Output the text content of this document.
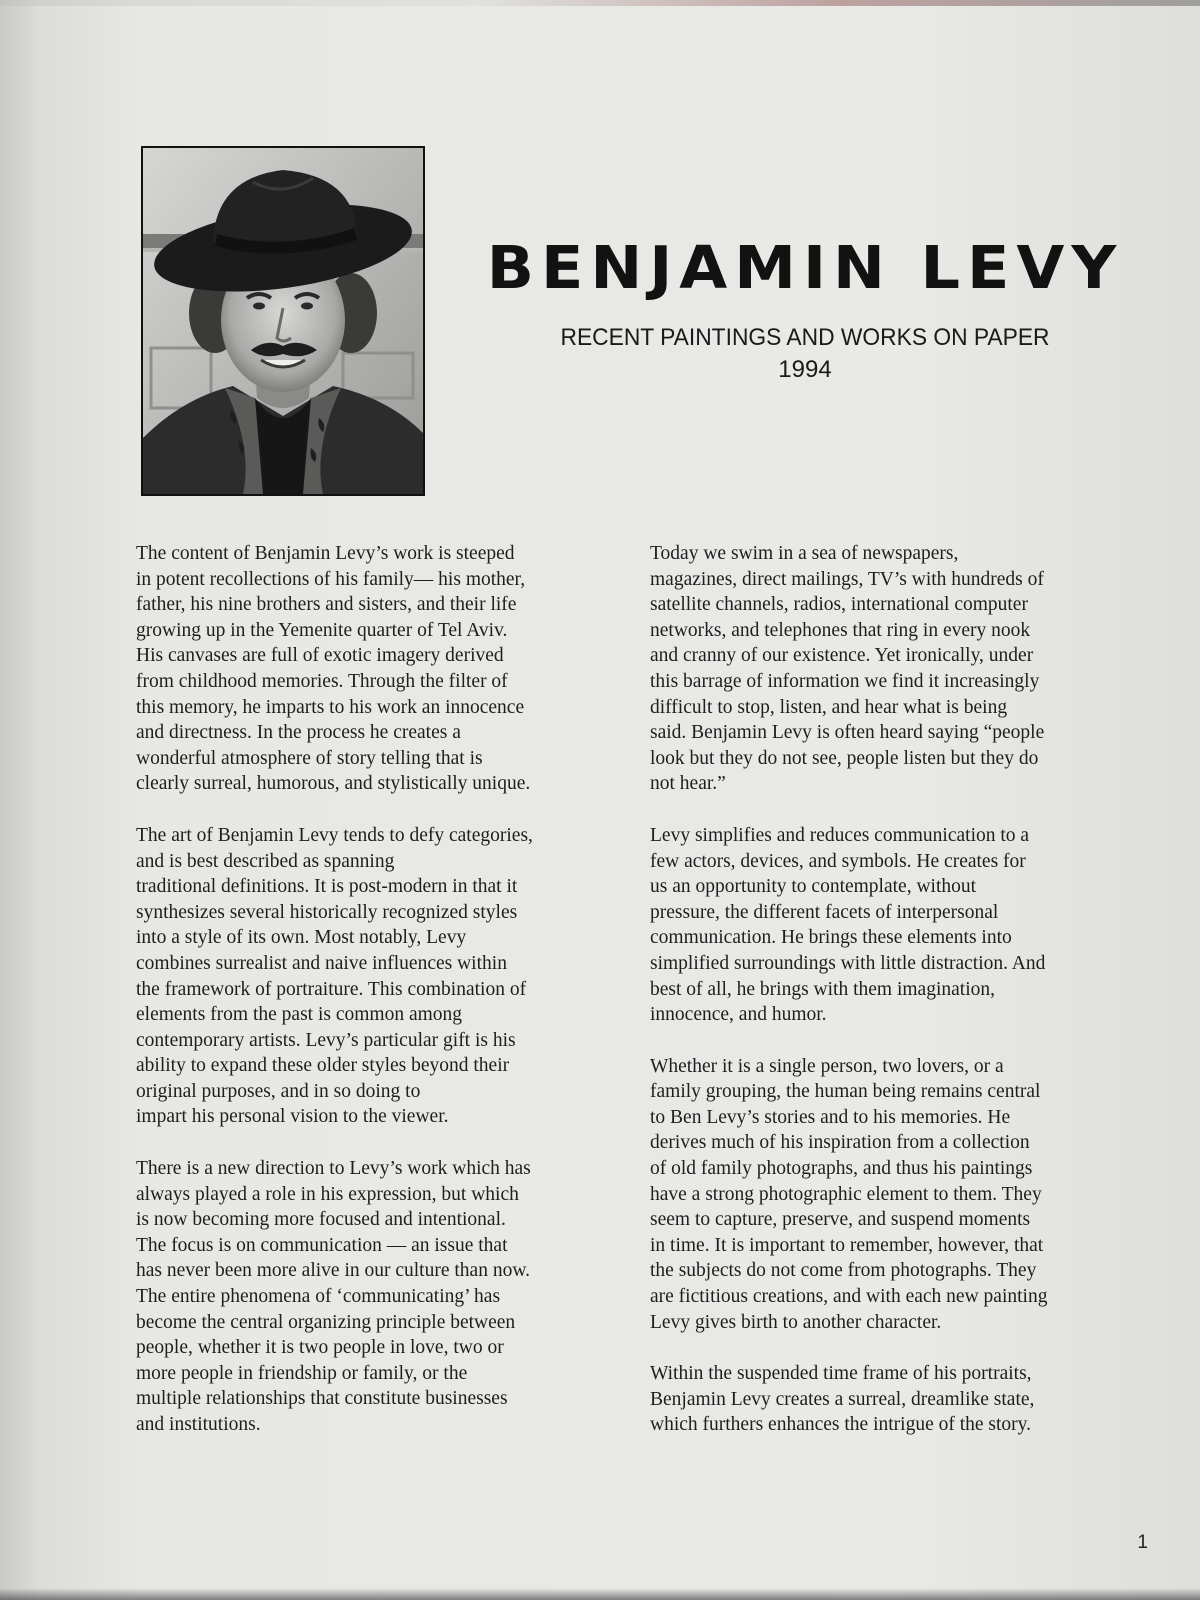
BENJAMIN LEVY
RECENT PAINTINGS AND WORKS ON PAPER
1994

The content of Benjamin Levy’s work is steeped
in potent recollections of his family— his mother,
father, his nine brothers and sisters, and their life
growing up in the Yemenite quarter of Tel Aviv.
His canvases are full of exotic imagery derived
from childhood memories. Through the filter of
this memory, he imparts to his work an innocence
and directness. In the process he creates a
wonderful atmosphere of story telling that is
clearly surreal, humorous, and stylistically unique.

The art of Benjamin Levy tends to defy categories,
and is best described as spanning
traditional definitions. It is post-modern in that it
synthesizes several historically recognized styles
into a style of its own. Most notably, Levy
combines surrealist and naive influences within
the framework of portraiture. This combination of
elements from the past is common among
contemporary artists. Levy’s particular gift is his
ability to expand these older styles beyond their
original purposes, and in so doing to
impart his personal vision to the viewer.

There is a new direction to Levy’s work which has
always played a role in his expression, but which
is now becoming more focused and intentional.
The focus is on communication — an issue that
has never been more alive in our culture than now.
The entire phenomena of ‘communicating’ has
become the central organizing principle between
people, whether it is two people in love, two or
more people in friendship or family, or the
multiple relationships that constitute businesses
and institutions.

Today we swim in a sea of newspapers,
magazines, direct mailings, TV’s with hundreds of
satellite channels, radios, international computer
networks, and telephones that ring in every nook
and cranny of our existence. Yet ironically, under
this barrage of information we find it increasingly
difficult to stop, listen, and hear what is being
said. Benjamin Levy is often heard saying “people
look but they do not see, people listen but they do
not hear.”

Levy simplifies and reduces communication to a
few actors, devices, and symbols. He creates for
us an opportunity to contemplate, without
pressure, the different facets of interpersonal
communication. He brings these elements into
simplified surroundings with little distraction. And
best of all, he brings with them imagination,
innocence, and humor.

Whether it is a single person, two lovers, or a
family grouping, the human being remains central
to Ben Levy’s stories and to his memories. He
derives much of his inspiration from a collection
of old family photographs, and thus his paintings
have a strong photographic element to them. They
seem to capture, preserve, and suspend moments
in time. It is important to remember, however, that
the subjects do not come from photographs. They
are fictitious creations, and with each new painting
Levy gives birth to another character.

Within the suspended time frame of his portraits,
Benjamin Levy creates a surreal, dreamlike state,
which furthers enhances the intrigue of the story.

1
